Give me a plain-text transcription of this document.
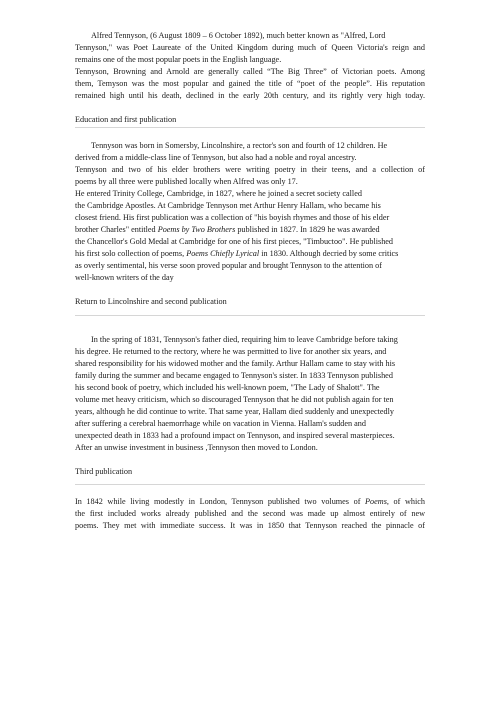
Alfred Tennyson, (6 August 1809 – 6 October 1892), much better known as "Alfred, Lord
Tennyson," was Poet Laureate of the United Kingdom during much of Queen Victoria's reign and
remains one of the most popular poets in the English language.
Tennyson, Browning and Arnold are generally called “The Big Three” of Victorian poets. Among
them, Temyson was the most popular and gained the title of “poet of the people”. His reputation
remained high until his death, declined in the early 20th century, and its rightly very high today.
Education and first publication
Tennyson was born in Somersby, Lincolnshire, a rector's son and fourth of 12 children. He
derived from a middle-class line of Tennyson, but also had a noble and royal ancestry.
Tennyson and two of his elder brothers were writing poetry in their teens, and a collection of
poems by all three were published locally when Alfred was only 17.
He entered Trinity College, Cambridge, in 1827, where he joined a secret society called
the Cambridge Apostles. At Cambridge Tennyson met Arthur Henry Hallam, who became his
closest friend. His first publication was a collection of "his boyish rhymes and those of his elder
brother Charles" entitled Poems by Two Brothers published in 1827. In 1829 he was awarded
the Chancellor's Gold Medal at Cambridge for one of his first pieces, "Timbuctoo". He published
his first solo collection of poems, Poems Chiefly Lyrical in 1830. Although decried by some critics
as overly sentimental, his verse soon proved popular and brought Tennyson to the attention of
well-known writers of the day
Return to Lincolnshire and second publication
In the spring of 1831, Tennyson's father died, requiring him to leave Cambridge before taking
his degree. He returned to the rectory, where he was permitted to live for another six years, and
shared responsibility for his widowed mother and the family. Arthur Hallam came to stay with his
family during the summer and became engaged to Tennyson's sister. In 1833 Tennyson published
his second book of poetry, which included his well-known poem, "The Lady of Shalott". The
volume met heavy criticism, which so discouraged Tennyson that he did not publish again for ten
years, although he did continue to write. That same year, Hallam died suddenly and unexpectedly
after suffering a cerebral haemorrhage while on vacation in Vienna. Hallam's sudden and
unexpected death in 1833 had a profound impact on Tennyson, and inspired several masterpieces.
After an unwise investment in business ,Tennyson then moved to London.
Third publication
In 1842 while living modestly in London, Tennyson published two volumes of Poems, of which
the first included works already published and the second was made up almost entirely of new
poems. They met with immediate success. It was in 1850 that Tennyson reached the pinnacle of
